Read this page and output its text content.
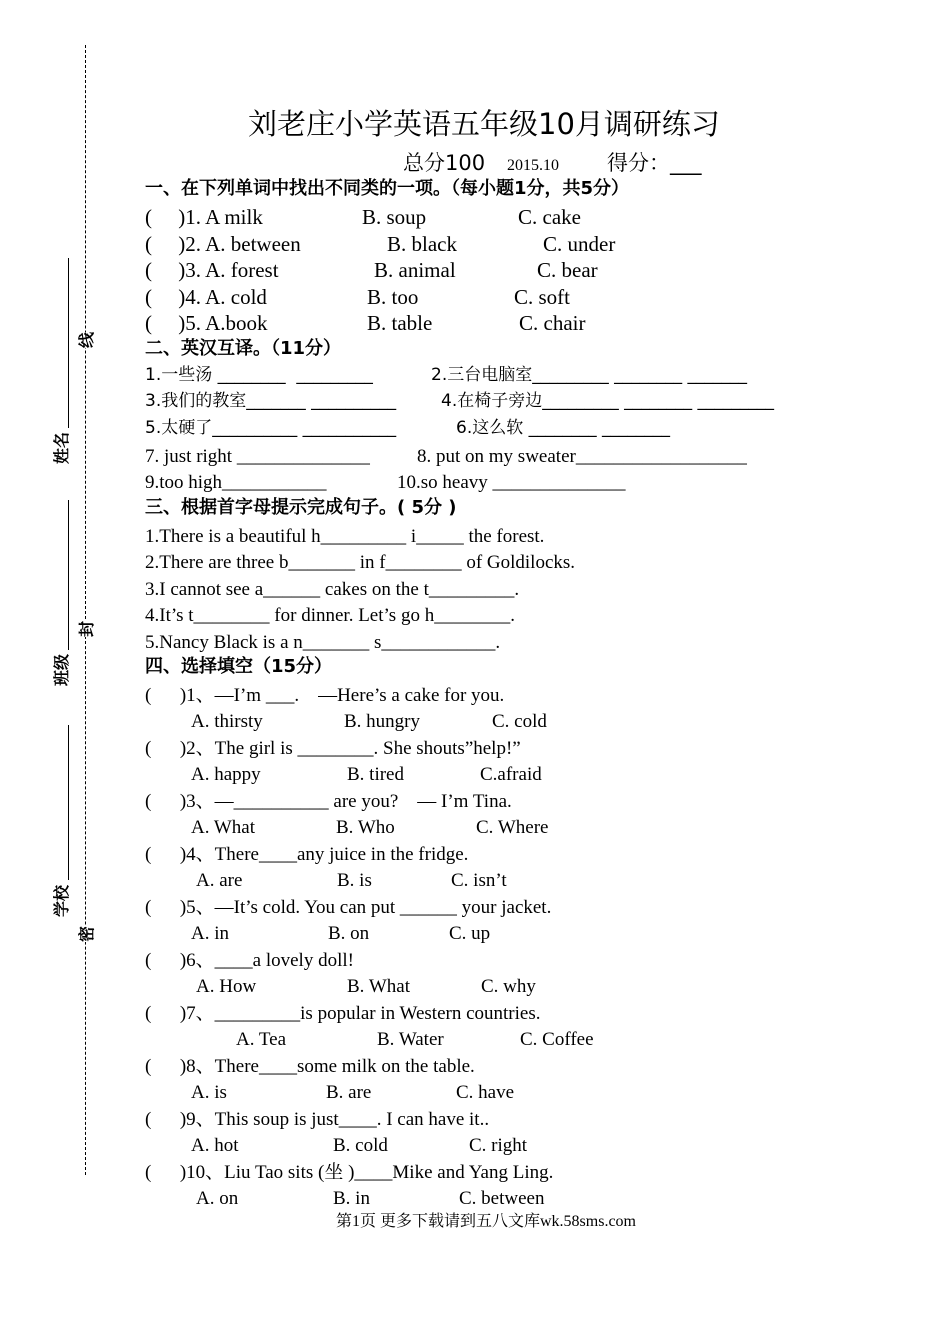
线
封
密
姓名
班级
学校
刘老庄小学英语五年级10月调研练习
总分100 2015.10 得分：___
一、在下列单词中找出不同类的一项。（每小题1分，共5分）
(     )1. A milk	B. soup	C. cake
(     )2. A. between	B. black	C. under
(     )3. A. forest	B. animal	C. bear
(     )4. A. cold	B. too	C. soft
(     )5. A.book	B. table	C. chair
二、英汉互译。（11分）
1.一些汤 ________  _________	2.三台电脑室_________ ________ _______
3.我们的教室_______ __________	4.在椅子旁边_________ ________ _________
5.太硬了__________ ___________	6.这么软 ________ ________
7. just right ______________ 8. put on my sweater__________________
9.too high___________	10.so heavy ______________
三、根据首字母提示完成句子。( 5分 )
1.There is a beautiful h_________ i_____ the forest.
2.There are three b_______ in f________ of Goldilocks.
3.I cannot see a______ cakes on the t_________.
4.It’s t________ for dinner. Let’s go h________.
5.Nancy Black is a n_______ s____________.
四、选择填空（15分）
(      )1、—I’m ___.    —Here’s a cake for you.
A. thirsty	B. hungry	C. cold
(      )2、The girl is ________. She shouts”help!”
A. happy	B. tired	C.afraid
(      )3、—__________ are you?    — I’m Tina.
A. What	B. Who	C. Where
(      )4、There____any juice in the fridge.
A. are	B. is	C. isn’t
(      )5、—It’s cold. You can put ______ your jacket.
A. in	B. on	C. up
(      )6、____a lovely doll!
A. How	B. What	C. why
(      )7、_________is popular in Western countries.
A. Tea	B. Water	C. Coffee
(      )8、There____some milk on the table.
A. is	B. are	C. have
(      )9、This soup is just____. I can have it..
A. hot	B. cold	C. right
(      )10、Liu Tao sits (坐 )____Mike and Yang Ling.
A. on	B. in	C. between
第1页 更多下载请到五八文库wk.58sms.com
